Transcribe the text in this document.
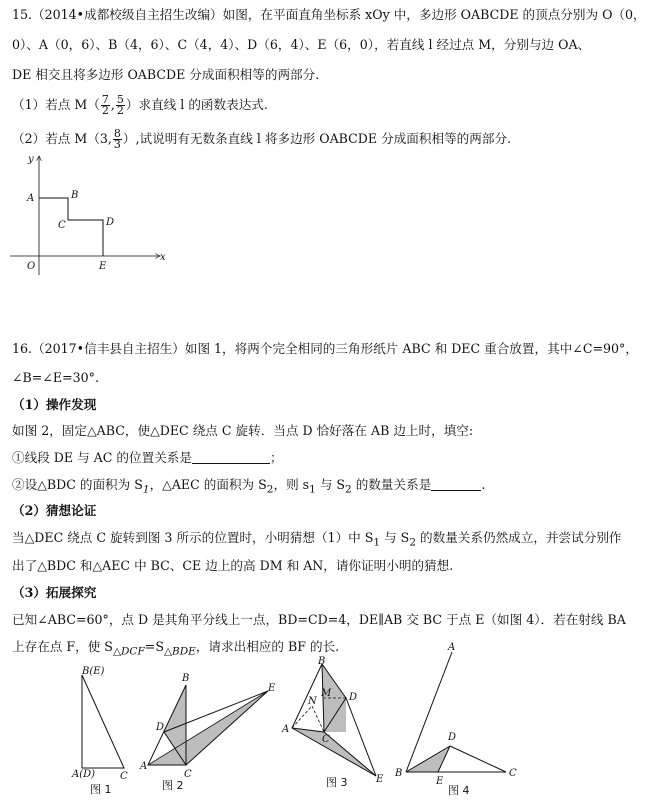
15.（2014•成都校级自主招生改编）如图，在平面直角坐标系 xOy 中，多边形 OABCDE 的顶点分别为 O（0，
0）、A（0，6）、B（4，6）、C（4，4）、D（6，4）、E（6，0），若直线 l 经过点 M，分别与边 OA、
DE 相交且将多边形 OABCDE 分成面积相等的两部分.
（1）若点 $M( \frac{7}{2}$ , $\frac{5}{2}$ ）求直线 l 的函数表达式.
（2）若点 M（3, $\frac{8}{3}$ ）,试说明有无数条直线 l 将多边形 OABCDE 分成面积相等的两部分.
y
x
A	B
C	D
O	E
16.（2017•信丰县自主招生）如图 1，将两个完全相同的三角形纸片 ABC 和 DEC 重合放置，其中∠C=90°，
∠B=∠E=30°.
（1）操作发现
如图 2，固定△ABC，使△DEC 绕点 C 旋转．当点 D 恰好落在 AB 边上时，填空:
①线段 DE 与 AC 的位置关系是	；
②设△BDC 的面积为 $S_1$，△AEC 的面积为 $S_2$，则 $s_1$ 与 $S_2$ 的数量关系是	.
（2）猜想论证
当△DEC 绕点 C 旋转到图 3 所示的位置时，小明猜想（1）中 $S_1$ 与 $S_2$ 的数量关系仍然成立，并尝试分别作
出了△BDC 和△AEC 中 BC、CE 边上的高 DM 和 AN，请你证明小明的猜想.
（3）拓展探究
已知∠ABC=60°，点 D 是其角平分线上一点，BD=CD=4，DE∥AB 交 BC 于点 E（如图 4）．若在射线 BA
上存在点 F，使 $S_{\triangle DCF}=S_{\triangle BDE}$，请求出相应的 BF 的长.
B(E)
A(D) C
图 1
B
D
E
A
C
图 2
B
M
N	D
A
C
E
图 3
A
D
B
E
C
图 4
